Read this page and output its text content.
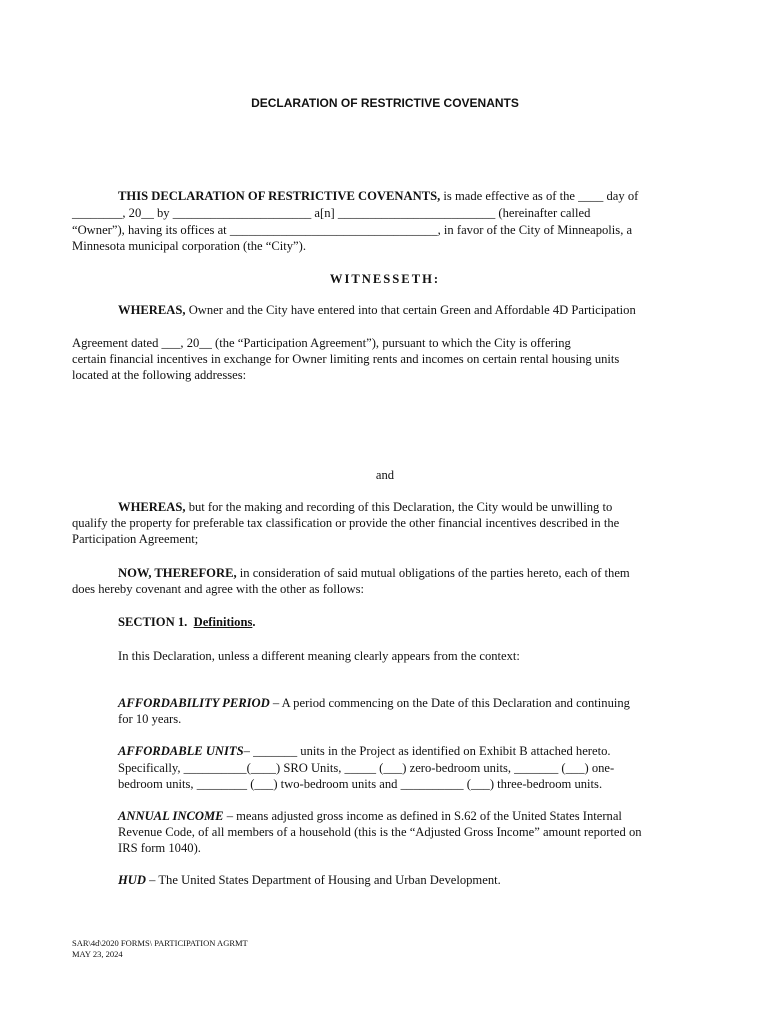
DECLARATION OF RESTRICTIVE COVENANTS
THIS DECLARATION OF RESTRICTIVE COVENANTS, is made effective as of the ____ day of
________, 20__ by ______________________ a[n] _________________________ (hereinafter called
“Owner”), having its offices at _________________________________, in favor of the City of Minneapolis, a
Minnesota municipal corporation (the “City”).
WITNESSETH:
WHEREAS, Owner and the City have entered into that certain Green and Affordable 4D Participation
Agreement dated ___, 20__ (the “Participation Agreement”), pursuant to which the City is offering
certain financial incentives in exchange for Owner limiting rents and incomes on certain rental housing units
located at the following addresses:
and
WHEREAS, but for the making and recording of this Declaration, the City would be unwilling to
qualify the property for preferable tax classification or provide the other financial incentives described in the
Participation Agreement;
NOW, THEREFORE, in consideration of said mutual obligations of the parties hereto, each of them
does hereby covenant and agree with the other as follows:
SECTION 1. Definitions.
In this Declaration, unless a different meaning clearly appears from the context:
AFFORDABILITY PERIOD – A period commencing on the Date of this Declaration and continuing
for 10 years.
AFFORDABLE UNITS– _______ units in the Project as identified on Exhibit B attached hereto.
Specifically, __________(____) SRO Units, _____ (___) zero-bedroom units, _______ (___) one-
bedroom units, ________ (___) two-bedroom units and __________ (___) three-bedroom units.
ANNUAL INCOME – means adjusted gross income as defined in S.62 of the United States Internal
Revenue Code, of all members of a household (this is the “Adjusted Gross Income” amount reported on
IRS form 1040).
HUD – The United States Department of Housing and Urban Development.
SAR\4d\2020 FORMS\ PARTICIPATION AGRMT
MAY 23, 2024
